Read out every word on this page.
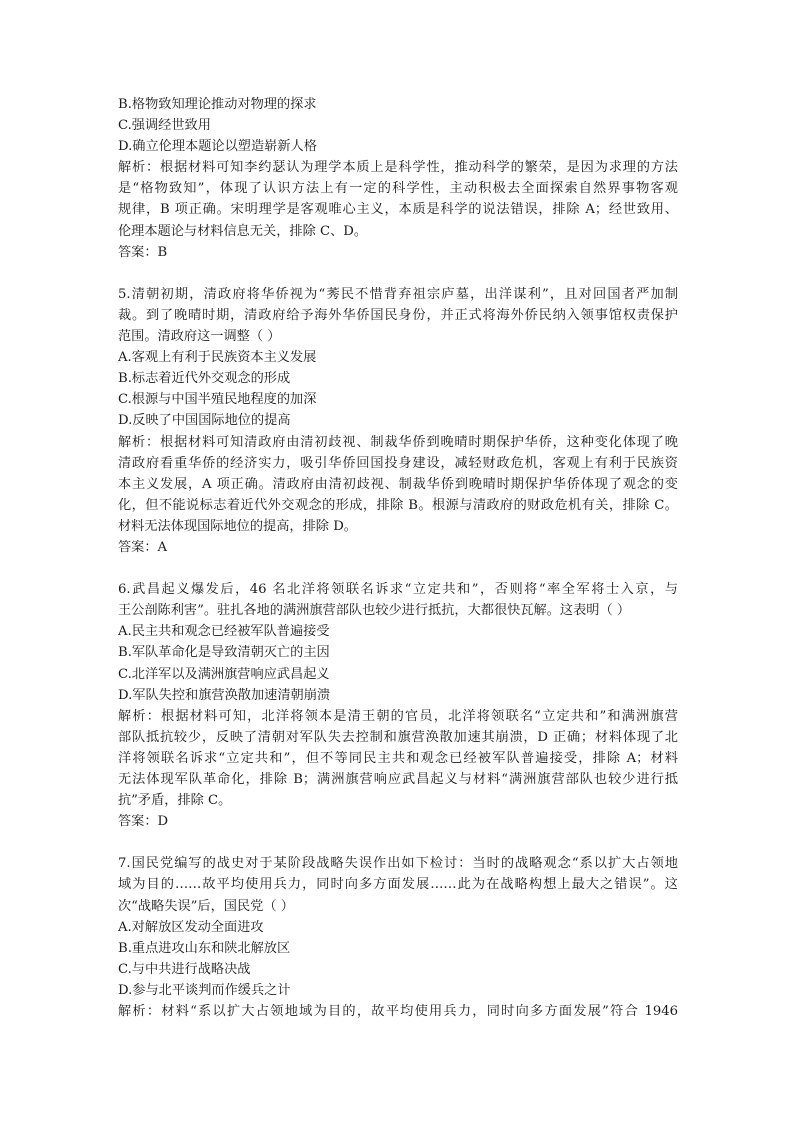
B.格物致知理论推动对物理的探求
C.强调经世致用
D.确立伦理本题论以塑造崭新人格
解析：根据材料可知李约瑟认为理学本质上是科学性，推动科学的繁荣，是因为求理的方法
是“格物致知”，体现了认识方法上有一定的科学性，主动积极去全面探索自然界事物客观
规律，B 项正确。宋明理学是客观唯心主义，本质是科学的说法错误，排除 A；经世致用、
伦理本题论与材料信息无关，排除 C、D。
答案：B
5.清朝初期，清政府将华侨视为“莠民不惜背弃祖宗庐墓，出洋谋利”，且对回国者严加制
裁。到了晚晴时期，清政府给予海外华侨国民身份，并正式将海外侨民纳入领事馆权责保护
范围。清政府这一调整（ ）
A.客观上有利于民族资本主义发展
B.标志着近代外交观念的形成
C.根源与中国半殖民地程度的加深
D.反映了中国国际地位的提高
解析：根据材料可知清政府由清初歧视、制裁华侨到晚晴时期保护华侨，这种变化体现了晚
清政府看重华侨的经济实力，吸引华侨回国投身建设，减轻财政危机，客观上有利于民族资
本主义发展，A 项正确。清政府由清初歧视、制裁华侨到晚晴时期保护华侨体现了观念的变
化，但不能说标志着近代外交观念的形成，排除 B。根源与清政府的财政危机有关，排除 C。
材料无法体现国际地位的提高，排除 D。
答案：A
6.武昌起义爆发后，46 名北洋将领联名诉求“立定共和”，否则将“率全军将士入京，与
王公剖陈利害”。驻扎各地的满洲旗营部队也较少进行抵抗，大都很快瓦解。这表明（ ）
A.民主共和观念已经被军队普遍接受
B.军队革命化是导致清朝灭亡的主因
C.北洋军以及满洲旗营响应武昌起义
D.军队失控和旗营涣散加速清朝崩溃
解析：根据材料可知，北洋将领本是清王朝的官员，北洋将领联名“立定共和”和满洲旗营
部队抵抗较少，反映了清朝对军队失去控制和旗营涣散加速其崩溃，D 正确；材料体现了北
洋将领联名诉求“立定共和”，但不等同民主共和观念已经被军队普遍接受，排除 A；材料
无法体现军队革命化，排除 B；满洲旗营响应武昌起义与材料“满洲旗营部队也较少进行抵
抗”矛盾，排除 C。
答案：D
7.国民党编写的战史对于某阶段战略失误作出如下检讨：当时的战略观念“系以扩大占领地
域为目的……故平均使用兵力，同时向多方面发展……此为在战略构想上最大之错误”。这
次“战略失误”后，国民党（ ）
A.对解放区发动全面进攻
B.重点进攻山东和陕北解放区
C.与中共进行战略决战
D.参与北平谈判而作缓兵之计
解析：材料“系以扩大占领地域为目的，故平均使用兵力，同时向多方面发展”符合 1946
